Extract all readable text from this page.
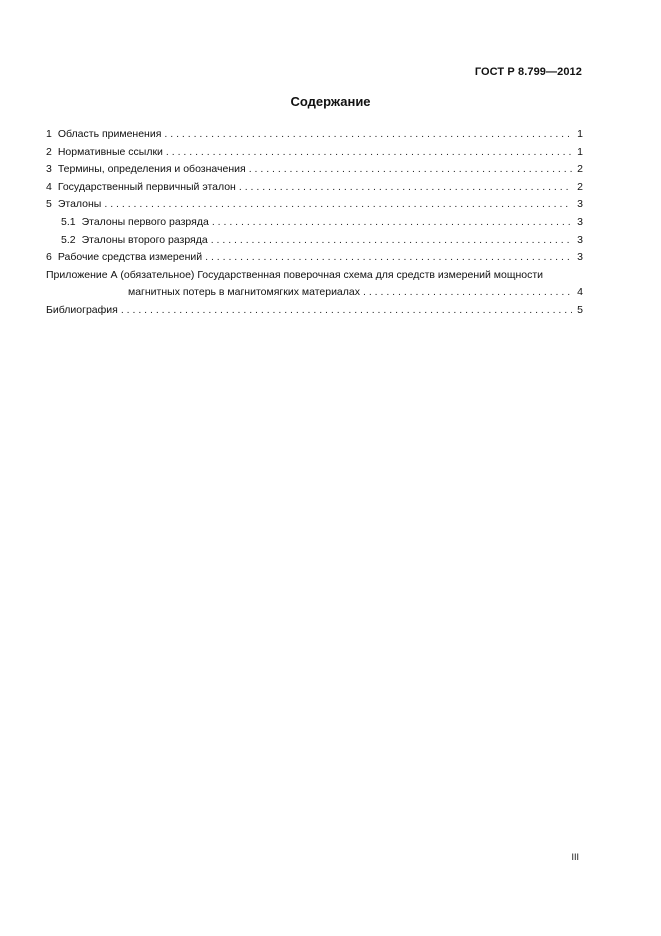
ГОСТ Р 8.799—2012
Содержание
1 Область применения . . .	1
2 Нормативные ссылки . . .	1
3 Термины, определения и обозначения . . .	2
4 Государственный первичный эталон . . .	2
5 Эталоны . . .	3
5.1 Эталоны первого разряда . . .	3
5.2 Эталоны второго разряда . . .	3
6 Рабочие средства измерений . . .	3
Приложение А (обязательное) Государственная поверочная схема для средств измерений мощности
магнитных потерь в магнитомягких материалах . . .	4
Библиография . . .	5
III
